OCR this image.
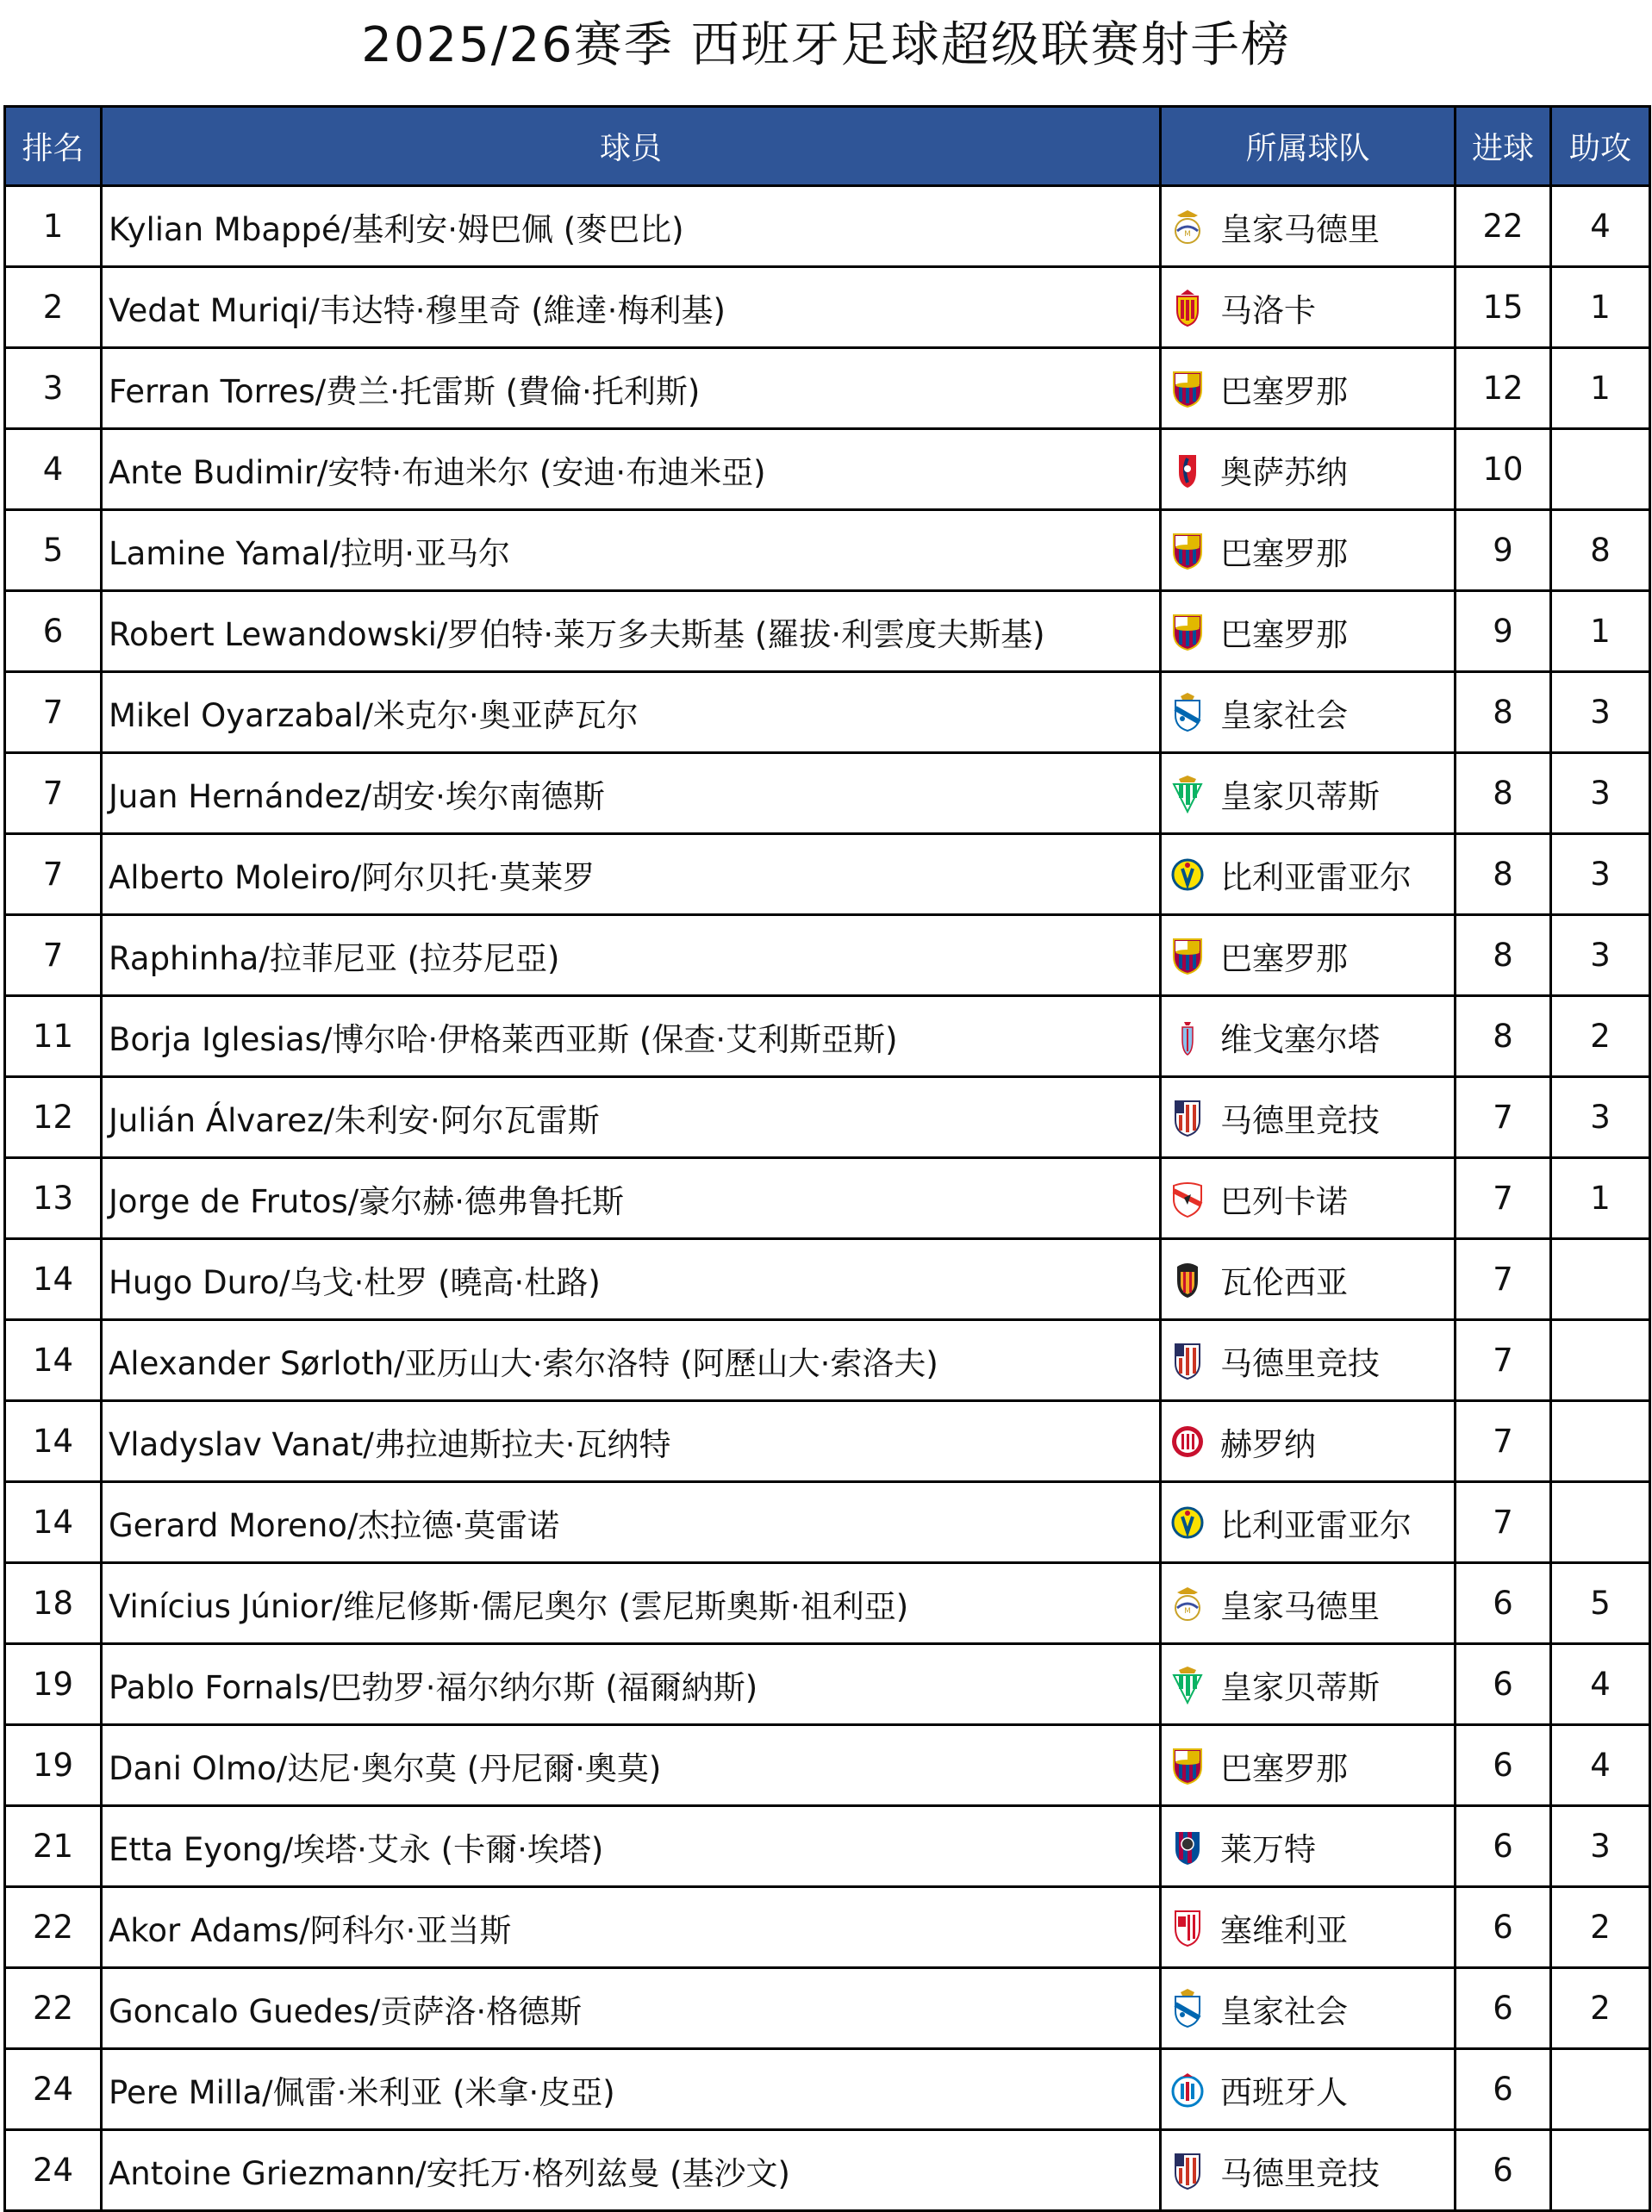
2025/26赛季 西班牙足球超级联赛射手榜
排名	球员	所属球队	进球	助攻
1	Kylian Mbappé/基利安·姆巴佩 (麥巴比)	M 皇家马德里	22	4
2	Vedat Muriqi/韦达特·穆里奇 (維達·梅利基)	马洛卡	15	1
3	Ferran Torres/费兰·托雷斯 (費倫·托利斯)	巴塞罗那	12	1
4	Ante Budimir/安特·布迪米尔 (安迪·布迪米亞)	奥萨苏纳	10	
5	Lamine Yamal/拉明·亚马尔	巴塞罗那	9	8
6	Robert Lewandowski/罗伯特·莱万多夫斯基 (羅拔·利雲度夫斯基)	巴塞罗那	9	1
7	Mikel Oyarzabal/米克尔·奥亚萨瓦尔	皇家社会	8	3
7	Juan Hernández/胡安·埃尔南德斯	皇家贝蒂斯	8	3
7	Alberto Moleiro/阿尔贝托·莫莱罗	比利亚雷亚尔	8	3
7	Raphinha/拉菲尼亚 (拉芬尼亞)	巴塞罗那	8	3
11	Borja Iglesias/博尔哈·伊格莱西亚斯 (保查·艾利斯亞斯)	维戈塞尔塔	8	2
12	Julián Álvarez/朱利安·阿尔瓦雷斯	马德里竞技	7	3
13	Jorge de Frutos/豪尔赫·德弗鲁托斯	巴列卡诺	7	1
14	Hugo Duro/乌戈·杜罗 (曉高·杜路)	瓦伦西亚	7	
14	Alexander Sørloth/亚历山大·索尔洛特 (阿歷山大·索洛夫)	马德里竞技	7	
14	Vladyslav Vanat/弗拉迪斯拉夫·瓦纳特	赫罗纳	7	
14	Gerard Moreno/杰拉德·莫雷诺	比利亚雷亚尔	7	
18	Vinícius Júnior/维尼修斯·儒尼奥尔 (雲尼斯奧斯·祖利亞)	M 皇家马德里	6	5
19	Pablo Fornals/巴勃罗·福尔纳尔斯 (福爾納斯)	皇家贝蒂斯	6	4
19	Dani Olmo/达尼·奥尔莫 (丹尼爾·奧莫)	巴塞罗那	6	4
21	Etta Eyong/埃塔·艾永 (卡爾·埃塔)	莱万特	6	3
22	Akor Adams/阿科尔·亚当斯	塞维利亚	6	2
22	Goncalo Guedes/贡萨洛·格德斯	皇家社会	6	2
24	Pere Milla/佩雷·米利亚 (米拿·皮亞)	西班牙人	6	
24	Antoine Griezmann/安托万·格列兹曼 (基沙文)	马德里竞技	6	
